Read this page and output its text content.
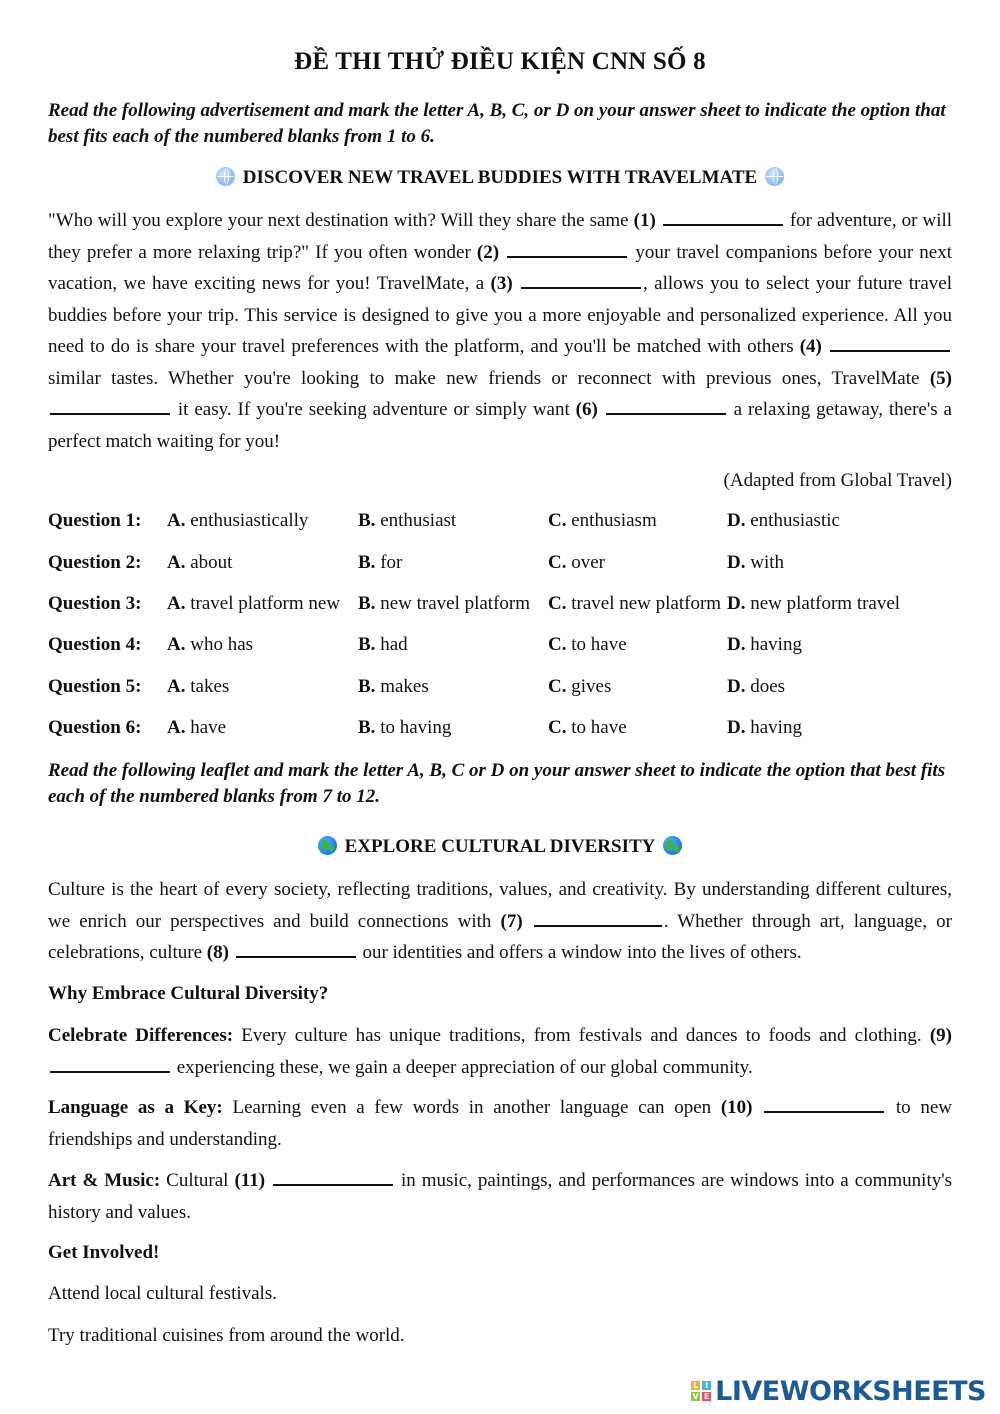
ĐỀ THI THỬ ĐIỀU KIỆN CNN SỐ 8
Read the following advertisement and mark the letter A, B, C, or D on your answer sheet to indicate the option that best fits each of the numbered blanks from 1 to 6.
DISCOVER NEW TRAVEL BUDDIES WITH TRAVELMATE
"Who will you explore your next destination with? Will they share the same (1)	for adventure, or will they prefer a more relaxing trip?" If you often wonder (2)	your travel companions before your next vacation, we have exciting news for you! TravelMate, a (3)	, allows you to select your future travel buddies before your trip. This service is designed to give you a more enjoyable and personalized experience. All you need to do is share your travel preferences with the platform, and you'll be matched with others (4)  similar tastes. Whether you're looking to make new friends or reconnect with previous ones, TravelMate (5)  it easy. If you're seeking adventure or simply want (6)	a relaxing getaway, there's a perfect match waiting for you!
(Adapted from Global Travel)
Question 1: A. enthusiastically	B. enthusiast	C. enthusiasm	D. enthusiastic
Question 2: A. about	B. for	C. over	D. with
Question 3: A. travel platform new B. new travel platform C. travel new platform D. new platform travel
Question 4: A. who has	B. had	C. to have	D. having
Question 5: A. takes	B. makes	C. gives	D. does
Question 6: A. have	B. to having	C. to have	D. having
Read the following leaflet and mark the letter A, B, C or D on your answer sheet to indicate the option that best fits each of the numbered blanks from 7 to 12.
EXPLORE CULTURAL DIVERSITY
Culture is the heart of every society, reflecting traditions, values, and creativity. By understanding different cultures, we enrich our perspectives and build connections with (7)	. Whether through art, language, or celebrations, culture (8)	our identities and offers a window into the lives of others.
Why Embrace Cultural Diversity?
Celebrate Differences: Every culture has unique traditions, from festivals and dances to foods and clothing. (9)  experiencing these, we gain a deeper appreciation of our global community.
Language as a Key: Learning even a few words in another language can open (10)	to new friendships and understanding.
Art & Music: Cultural (11)	in music, paintings, and performances are windows into a community's history and values.
Get Involved!
Attend local cultural festivals.
Try traditional cuisines from around the world.
L I
V E LIVEWORKSHEETS
